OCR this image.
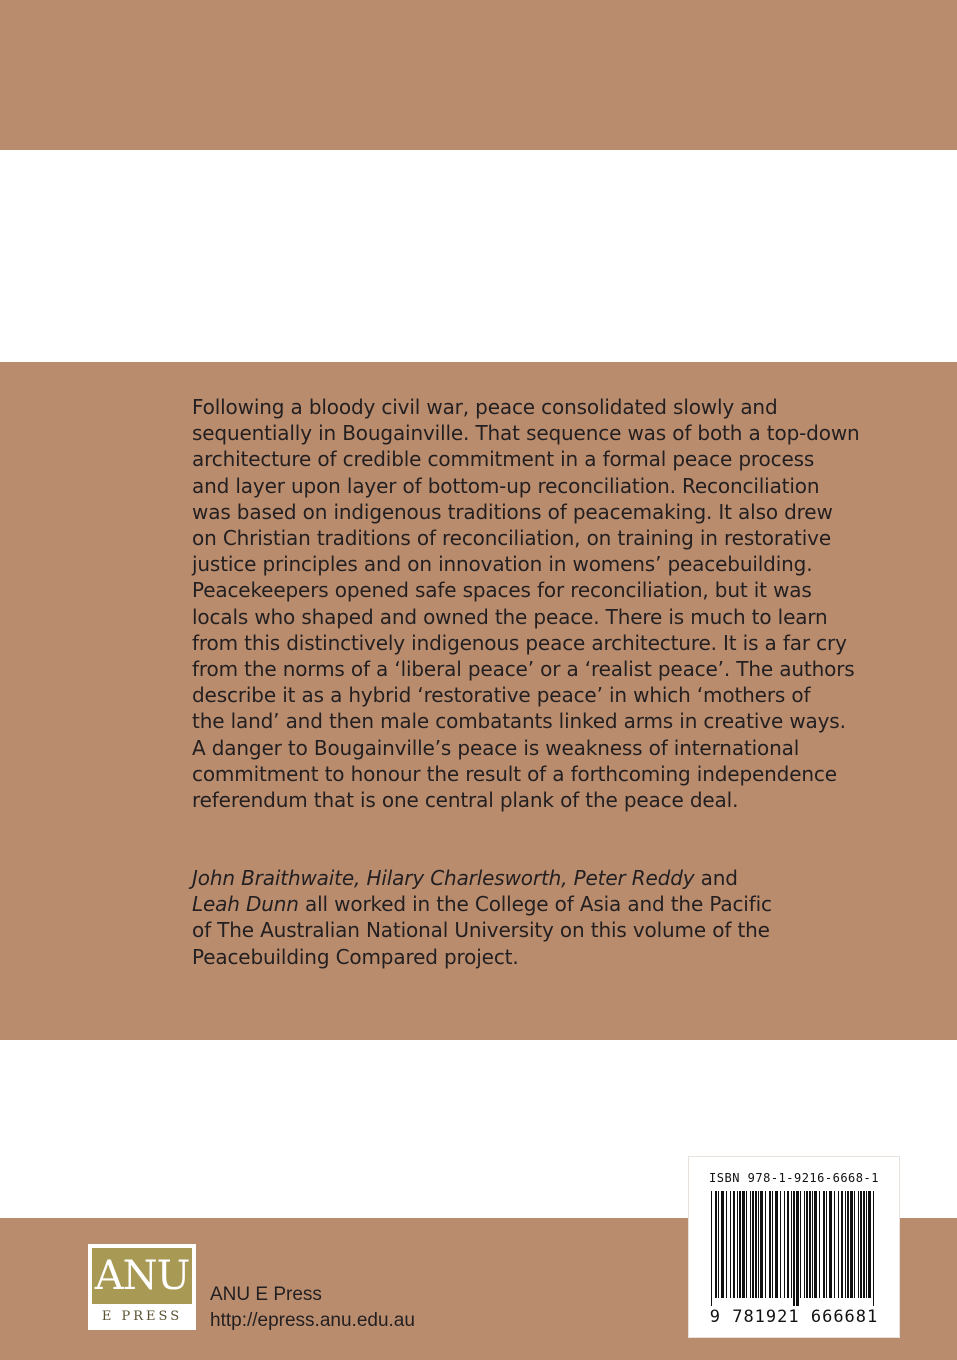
Following a bloody civil war, peace consolidated slowly and
sequentially in Bougainville. That sequence was of both a top-down
architecture of credible commitment in a formal peace process
and layer upon layer of bottom-up reconciliation. Reconciliation
was based on indigenous traditions of peacemaking. It also drew
on Christian traditions of reconciliation, on training in restorative
justice principles and on innovation in womens’ peacebuilding.
Peacekeepers opened safe spaces for reconciliation, but it was
locals who shaped and owned the peace. There is much to learn
from this distinctively indigenous peace architecture. It is a far cry
from the norms of a ‘liberal peace’ or a ‘realist peace’. The authors
describe it as a hybrid ‘restorative peace’ in which ‘mothers of
the land’ and then male combatants linked arms in creative ways.
A danger to Bougainville’s peace is weakness of international
commitment to honour the result of a forthcoming independence
referendum that is one central plank of the peace deal.
John Braithwaite, Hilary Charlesworth, Peter Reddy and
Leah Dunn all worked in the College of Asia and the Pacific
of The Australian National University on this volume of the
Peacebuilding Compared project.
ISBN 978-1-9216-6668-1
9 781921 666681
ANU
E PRESS
ANU E Press
http://epress.anu.edu.au
